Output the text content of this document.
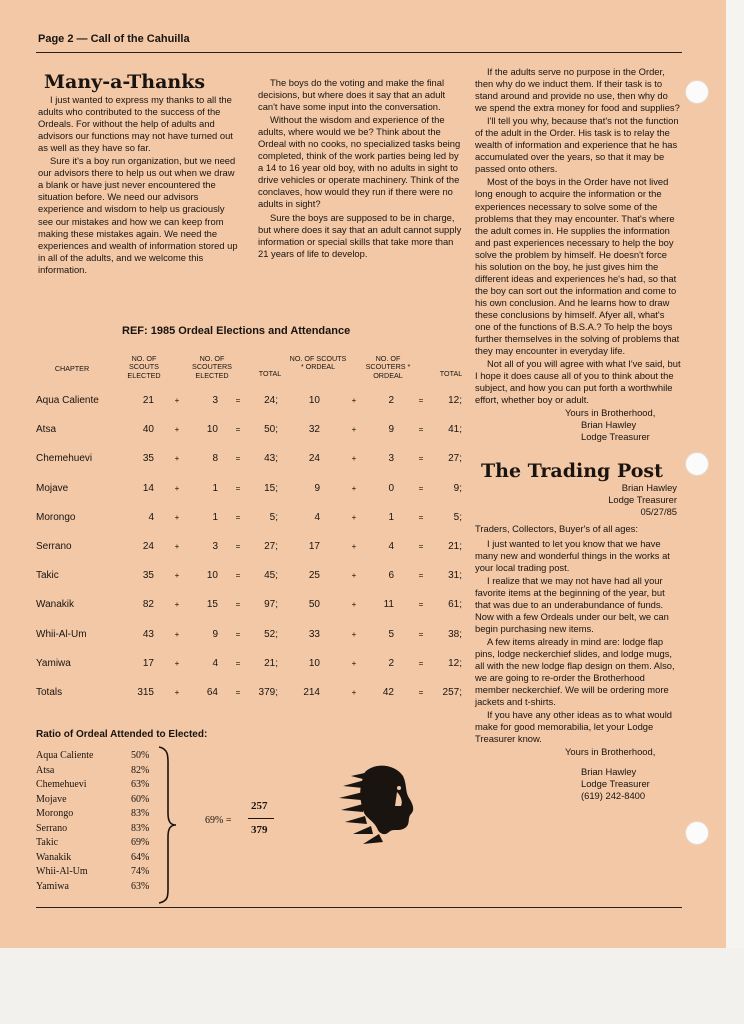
Page 2 — Call of the Cahuilla
Many-a-Thanks

I just wanted to express my thanks to all the adults who contributed to the success of the Ordeals. For without the help of adults and advisors our functions may not have turned out as well as they have so far.

Sure it's a boy run organization, but we need our advisors there to help us out when we draw a blank or have just never encountered the situation before. We need our advisors experience and wisdom to help us graciously see our mistakes and how we can keep from making these mistakes again. We need the experiences and wealth of information stored up in all of the adults, and we welcome this information.

The boys do the voting and make the final decisions, but where does it say that an adult can't have some input into the conversation.

Without the wisdom and experience of the adults, where would we be? Think about the Ordeal with no cooks, no specialized tasks being completed, think of the work parties being led by a 14 to 16 year old boy, with no adults in sight to drive vehicles or operate machinery. Think of the conclaves, how would they run if there were no adults in sight?

Sure the boys are supposed to be in charge, but where does it say that an adult cannot supply information or special skills that take more than 21 years of life to develop.

If the adults serve no purpose in the Order, then why do we induct them. If their task is to stand around and provide no use, then why do we spend the extra money for food and supplies?

I'll tell you why, because that's not the function of the adult in the Order. His task is to relay the wealth of information and experience that he has accumulated over the years, so that it may be passed onto others.

Most of the boys in the Order have not lived long enough to acquire the information or the experiences necessary to solve some of the problems that they may encounter. That's where the adult comes in. He supplies the information and past experiences necessary to help the boy solve the problem by himself. He doesn't force his solution on the boy, he just gives him the different ideas and experiences he's had, so that the boy can sort out the information and come to his own conclusion. And he learns how to draw these conclusions by himself. Afyer all, what's one of the functions of B.S.A.? To help the boys further themselves in the solving of problems that they may encounter in everyday life.

Not all of you will agree with what I've said, but I hope it does cause all of you to think about the subject, and how you can put forth a worthwhile effort, whether boy or adult.

Yours in Brotherhood,
Brian Hawley
Lodge Treasurer
The Trading Post
Brian Hawley
Lodge Treasurer
05/27/85
Traders, Collectors, Buyer's of all ages:

I just wanted to let you know that we have many new and wonderful things in the works at your local trading post.

I realize that we may not have had all your favorite items at the beginning of the year, but that was due to an underabundance of funds. Now with a few Ordeals under our belt, we can begin purchasing new items.

A few items already in mind are: lodge flap pins, lodge neckerchief slides, and lodge mugs, all with the new lodge flap design on them. Also, we are going to re-order the Brotherhood member neckerchief. We will be ordering more jackets and t-shirts.

If you have any other ideas as to what would make for good memorabilia, let your Lodge Treasurer know.

Yours in Brotherhood,
Brian Hawley
Lodge Treasurer
(619) 242-8400
REF: 1985 Ordeal Elections and Attendance
CHAPTER
NO. OF SCOUTS ELECTED
NO. OF SCOUTERS ELECTED	TOTAL
NO. OF SCOUTS * ORDEAL
NO. OF SCOUTERS * ORDEAL	TOTAL
Aqua Caliente	21	+	3	=	24;	10	+	2	=	12;
Atsa	40	+	10	=	50;	32	+	9	=	41;
Chemehuevi	35	+	8	=	43;	24	+	3	=	27;
Mojave	14	+	1	=	15;	9	+	0	=	9;
Morongo	4	+	1	=	5;	4	+	1	=	5;
Serrano	24	+	3	=	27;	17	+	4	=	21;
Takic	35	+	10	=	45;	25	+	6	=	31;
Wanakik	82	+	15	=	97;	50	+	11	=	61;
Whii-Al-Um	43	+	9	=	52;	33	+	5	=	38;
Yamiwa	17	+	4	=	21;	10	+	2	=	12;
Totals	315	+	64	=	379;	214	+	42	=	257;
Ratio of Ordeal Attended to Elected:
Aqua Caliente	50%
Atsa	82%
Chemehuevi	63%
Mojave	60%
Morongo	83%
Serrano	83%
Takic	69%
Wanakik	64%
Whii-Al-Um	74%
Yamiwa	63%
69% =
257
379
